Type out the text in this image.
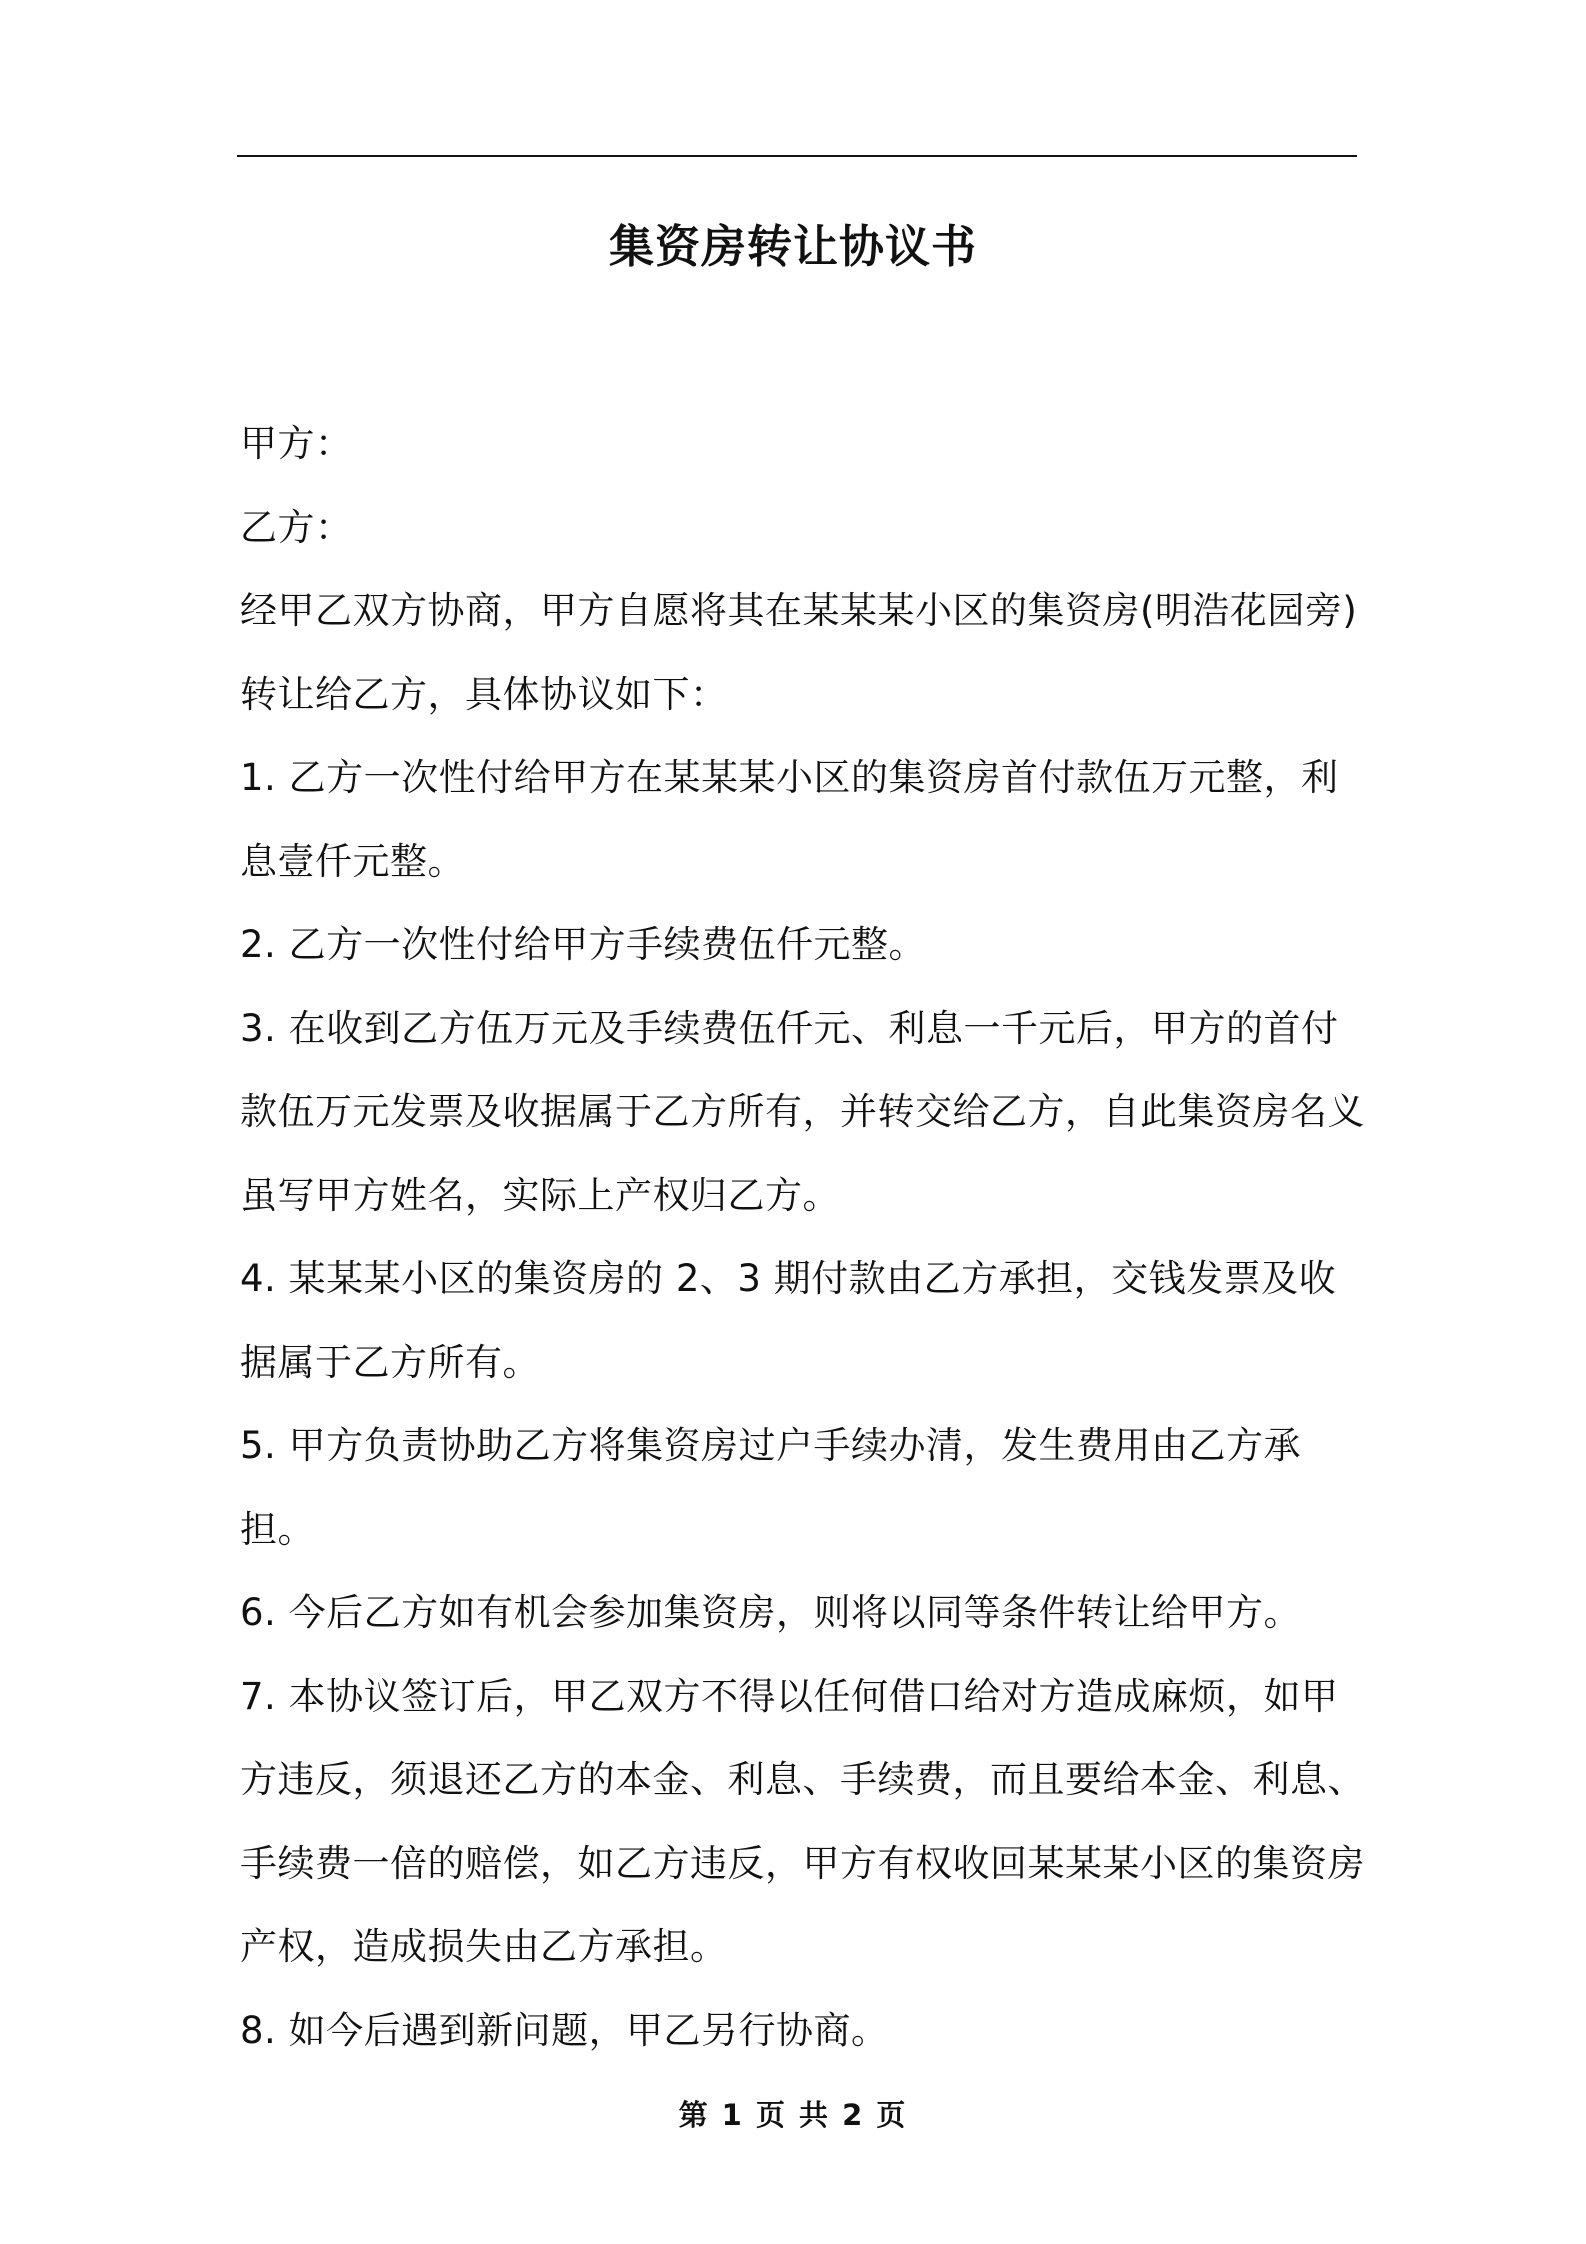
集资房转让协议书

甲方：

乙方：

经甲乙双方协商，甲方自愿将其在某某某小区的集资房(明浩花园旁)转让给乙方，具体协议如下：

1. 乙方一次性付给甲方在某某某小区的集资房首付款伍万元整，利息壹仟元整。

2. 乙方一次性付给甲方手续费伍仟元整。

3. 在收到乙方伍万元及手续费伍仟元、利息一千元后，甲方的首付款伍万元发票及收据属于乙方所有，并转交给乙方，自此集资房名义虽写甲方姓名，实际上产权归乙方。

4. 某某某小区的集资房的 2、3 期付款由乙方承担，交钱发票及收据属于乙方所有。

5. 甲方负责协助乙方将集资房过户手续办清，发生费用由乙方承担。

6. 今后乙方如有机会参加集资房，则将以同等条件转让给甲方。

7. 本协议签订后，甲乙双方不得以任何借口给对方造成麻烦，如甲方违反，须退还乙方的本金、利息、手续费，而且要给本金、利息、手续费一倍的赔偿，如乙方违反，甲方有权收回某某某小区的集资房产权，造成损失由乙方承担。

8. 如今后遇到新问题，甲乙另行协商。

第 1 页 共 2 页
